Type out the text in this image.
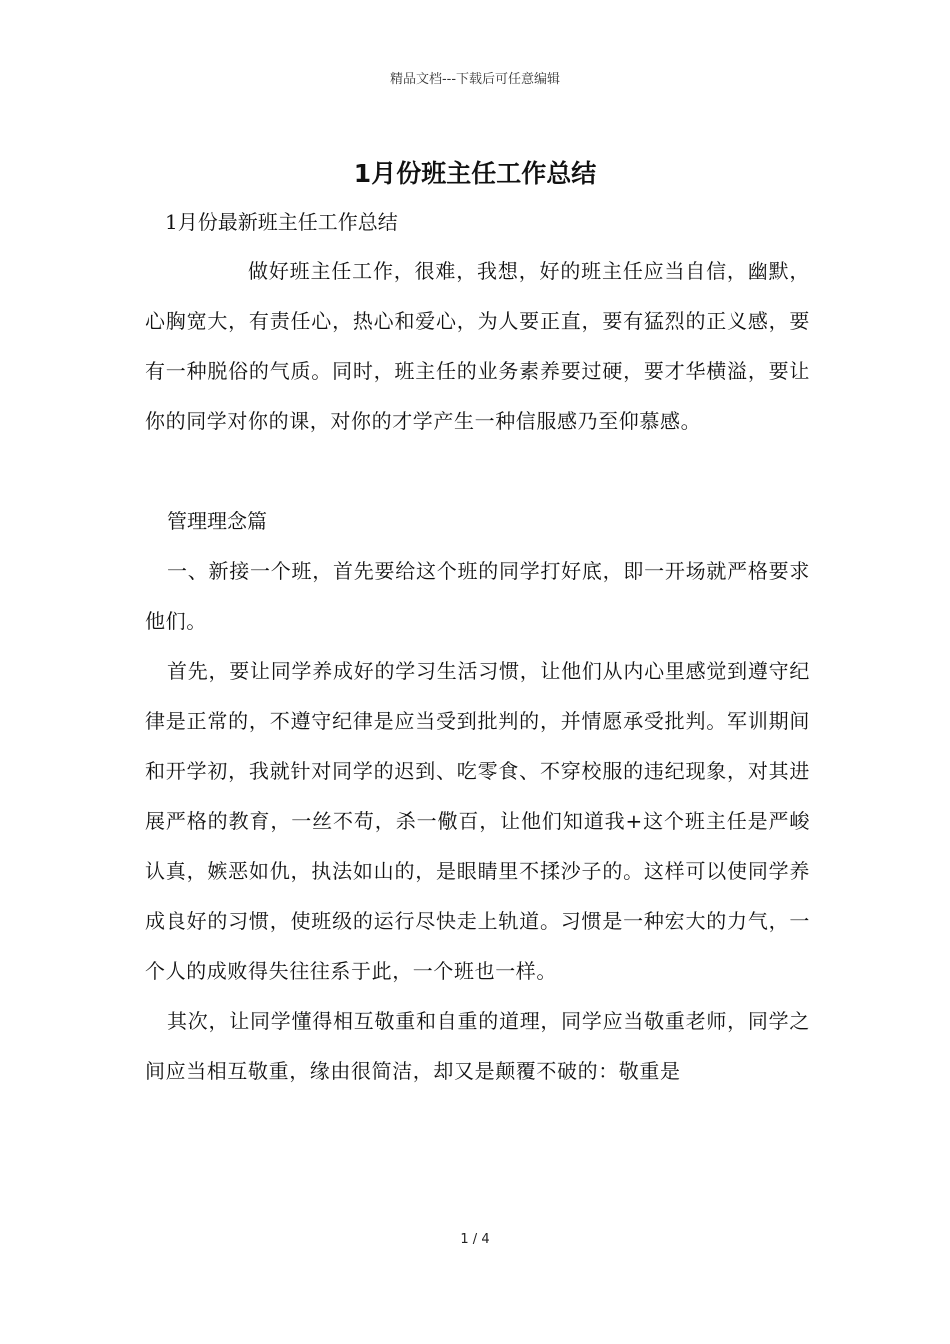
精品文档---下载后可任意编辑
1月份班主任工作总结

1月份最新班主任工作总结

做好班主任工作，很难，我想，好的班主任应当自信，幽默，心胸宽大，有责任心，热心和爱心，为人要正直，要有猛烈的正义感，要有一种脱俗的气质。同时，班主任的业务素养要过硬，要才华横溢，要让你的同学对你的课，对你的才学产生一种信服感乃至仰慕感。

管理理念篇

一、新接一个班，首先要给这个班的同学打好底，即一开场就严格要求他们。

首先，要让同学养成好的学习生活习惯，让他们从内心里感觉到遵守纪律是正常的，不遵守纪律是应当受到批判的，并情愿承受批判。军训期间和开学初，我就针对同学的迟到、吃零食、不穿校服的违纪现象，对其进展严格的教育，一丝不苟，杀一儆百，让他们知道我+这个班主任是严峻 认真，嫉恶如仇，执法如山的，是眼睛里不揉沙子的。这样可以使同学养成良好的习惯，使班级的运行尽快走上轨道。习惯是一种宏大的力气，一个人的成败得失往往系于此，一个班也一样。

其次，让同学懂得相互敬重和自重的道理，同学应当敬重老师，同学之间应当相互敬重，缘由很简洁，却又是颠覆不破的：敬重是

1 / 4
